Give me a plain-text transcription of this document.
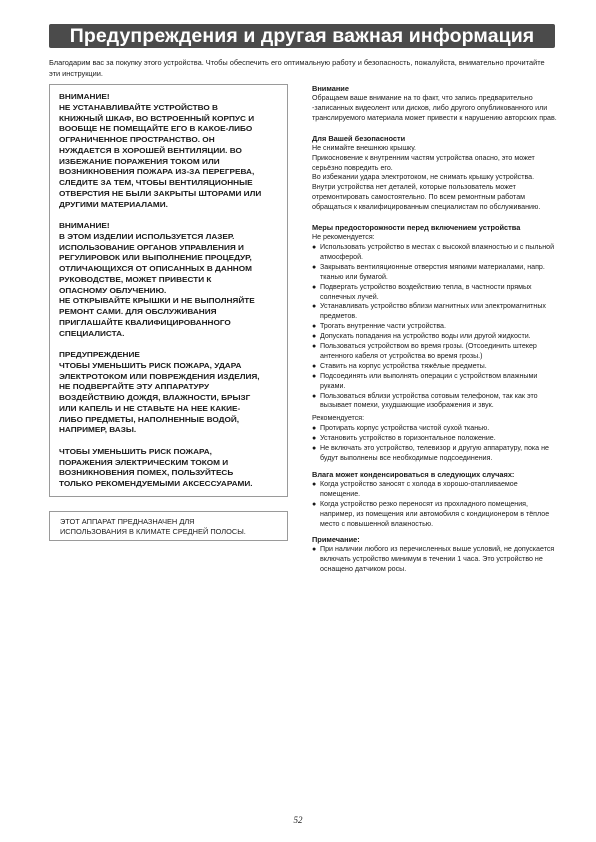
Предупреждения и другая важная информация
Благодарим вас за покупку этого устройства. Чтобы обеспечить его оптимальную работу и безопасность, пожалуйста, внимательно прочитайте эти инструкции.
ВНИМАНИЕ!
НЕ УСТАНАВЛИВАЙТЕ УСТРОЙСТВО В
КНИЖНЫЙ ШКАФ, ВО ВСТРОЕННЫЙ КОРПУС И
ВООБЩЕ НЕ ПОМЕЩАЙТЕ ЕГО В КАКОЕ-ЛИБО
ОГРАНИЧЕННОЕ ПРОСТРАНСТВО. ОН
НУЖДАЕТСЯ В ХОРОШЕЙ ВЕНТИЛЯЦИИ. ВО
ИЗБЕЖАНИЕ ПОРАЖЕНИЯ ТОКОМ ИЛИ
ВОЗНИКНОВЕНИЯ ПОЖАРА ИЗ-ЗА ПЕРЕГРЕВА,
СЛЕДИТЕ ЗА ТЕМ, ЧТОБЫ ВЕНТИЛЯЦИОННЫЕ
ОТВЕРСТИЯ НЕ БЫЛИ ЗАКРЫТЫ ШТОРАМИ ИЛИ
ДРУГИМИ МАТЕРИАЛАМИ.
ВНИМАНИЕ!
В ЭТОМ ИЗДЕЛИИ ИСПОЛЬЗУЕТСЯ ЛАЗЕР.
ИСПОЛЬЗОВАНИЕ ОРГАНОВ УПРАВЛЕНИЯ И
РЕГУЛИРОВОК ИЛИ ВЫПОЛНЕНИЕ ПРОЦЕДУР,
ОТЛИЧАЮЩИХСЯ ОТ ОПИСАННЫХ В ДАННОМ
РУКОВОДСТВЕ, МОЖЕТ ПРИВЕСТИ К
ОПАСНОМУ ОБЛУЧЕНИЮ.
НЕ ОТКРЫВАЙТЕ КРЫШКИ И НЕ ВЫПОЛНЯЙТЕ
РЕМОНТ САМИ. ДЛЯ ОБСЛУЖИВАНИЯ
ПРИГЛАШАЙТЕ КВАЛИФИЦИРОВАННОГО
СПЕЦИАЛИСТА.
ПРЕДУПРЕЖДЕНИЕ
ЧТОБЫ УМЕНЬШИТЬ РИСК ПОЖАРА, УДАРА
ЭЛЕКТРОТОКОМ ИЛИ ПОВРЕЖДЕНИЯ ИЗДЕЛИЯ,
НЕ ПОДВЕРГАЙТЕ ЭТУ АППАРАТУРУ
ВОЗДЕЙСТВИЮ ДОЖДЯ, ВЛАЖНОСТИ, БРЫЗГ
ИЛИ КАПЕЛЬ И НЕ СТАВЬТЕ НА НЕЕ КАКИЕ-
ЛИБО ПРЕДМЕТЫ, НАПОЛНЕННЫЕ ВОДОЙ,
НАПРИМЕР, ВАЗЫ.
ЧТОБЫ УМЕНЬШИТЬ РИСК ПОЖАРА,
ПОРАЖЕНИЯ ЭЛЕКТРИЧЕСКИМ ТОКОМ И
ВОЗНИКНОВЕНИЯ ПОМЕХ, ПОЛЬЗУЙТЕСЬ
ТОЛЬКО РЕКОМЕНДУЕМЫМИ АКСЕССУАРАМИ.
ЭТОТ АППАРАТ ПРЕДНАЗНАЧЕН ДЛЯ
ИСПОЛЬЗОВАНИЯ В КЛИМАТЕ СРЕДНЕЙ ПОЛОСЫ.
Внимание

Обращаем ваше внимание на то факт, что запись предварительно -записанных видеолент или дисков, либо другого опубликованного или транслируемого материала может привести к нарушению авторских прав.

Для Вашей безопасности

Не снимайте внешнюю крышку.

Прикосновение к внутренним частям устройства опасно, это может серьёзно повредить его.

Во избежании удара электротоком, не снимать крышку устройства. Внутри устройства нет деталей, которые пользователь может отремонтировать самостоятельно. По всем ремонтным работам обращаться к квалифицированным специалистам по обслуживанию.

Меры предосторожности перед включением устройства

Не рекомендуется:

● Использовать устройство в местах с высокой влажностью и с пыльной атмосферой.
● Закрывать вентиляционные отверстия мягкими материалами, напр. тканью или бумагой.
● Подвергать устройство воздействию тепла, в частности прямых солнечных лучей.
● Устанавливать устройство вблизи магнитных или электромагнитных предметов.
● Трогать внутренние части устройства.
● Допускать попадания на устройство воды или другой жидкости.
● Пользоваться устройством во время грозы. (Отсоединить штекер антенного кабеля от устройства во время грозы.)
● Ставить на корпус устройства тяжёлые предметы.
● Подсоединять или выполнять операции с устройством влажными руками.
● Пользоваться вблизи устройства сотовым телефоном, так как это вызывает помехи, ухудшающие изображения и звук.

Рекомендуется:

● Протирать корпус устройства чистой сухой тканью.
● Установить устройство в горизонтальное положение.
● Не включать это устройство, телевизор и другую аппаратуру, пока не будут выполнены все необходимые подсоединения.
Влага может конденсироваться в следующих случаях:
● Когда устройство заносят с холода в хорошо-отапливаемое помещение.
● Когда устройство резко переносят из прохладного помещения, например, из помещения или автомобиля с кондиционером в тёплое место с повышенной влажностью.
Примечание:
● При наличии любого из перечисленных выше условий, не допускается включать устройство минимум в течении 1 часа. Это устройство не оснащено датчиком росы.
52
